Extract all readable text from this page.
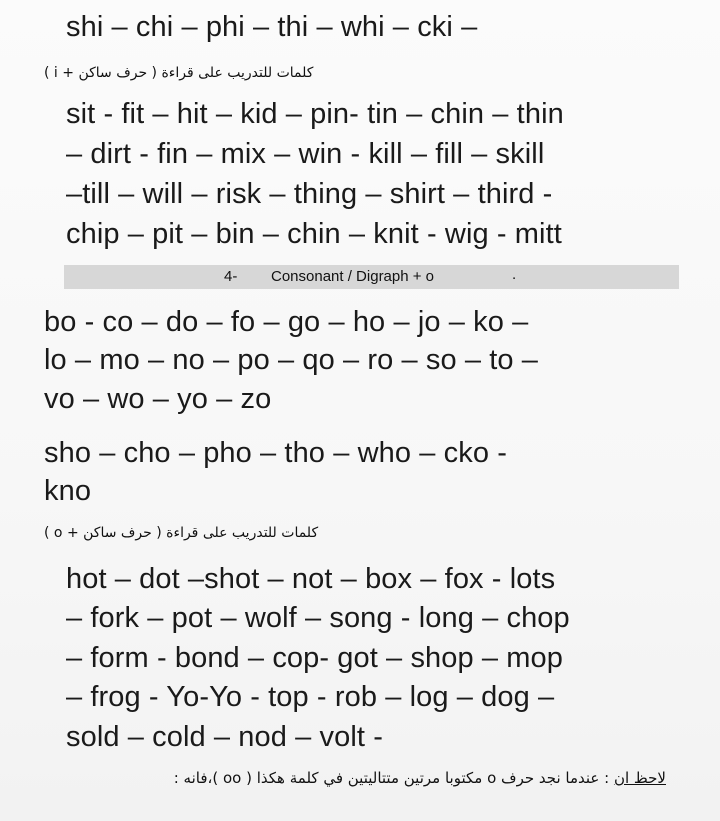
shi – chi – phi – thi – whi – cki –
كلمات للتدريب على قراءة ( حرف ساكن + i )
sit - fit – hit – kid – pin- tin – chin – thin
– dirt - fin – mix – win - kill – fill – skill
–till – will – risk – thing – shirt – third -
chip – pit – bin – chin – knit - wig - mitt
4- Consonant / Digraph + o	.
bo - co – do – fo – go – ho – jo – ko –
lo – mo – no – po – qo – ro – so – to –
vo – wo – yo – zo
sho – cho – pho – tho – who – cko -
kno
كلمات للتدريب على قراءة ( حرف ساكن + o )
hot – dot –shot – not – box – fox - lots
– fork – pot – wolf – song - long – chop
– form - bond – cop- got – shop – mop
– frog - Yo-Yo - top - rob – log – dog –
sold – cold – nod – volt -
لاحظ ان : عندما نجد حرف o مكتوبا مرتين متتاليتين في كلمة هكذا ( oo )،فانه :
